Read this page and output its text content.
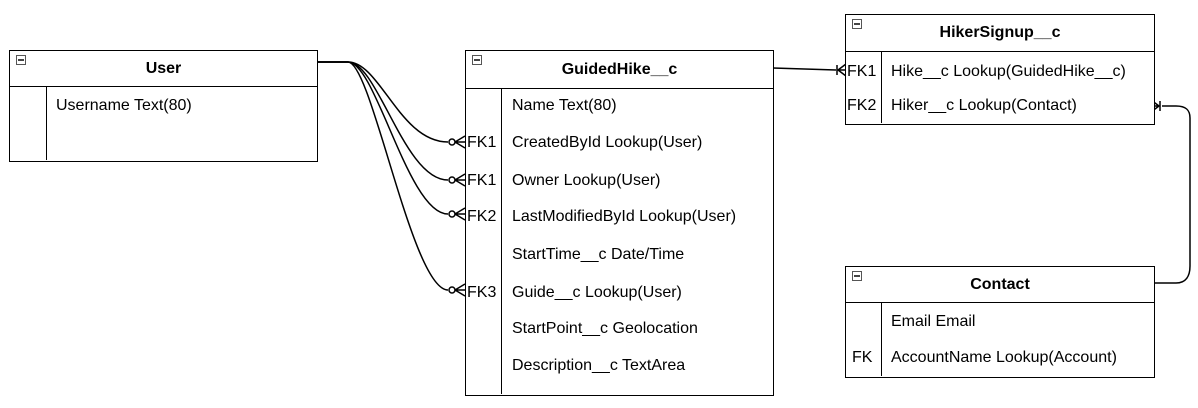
User
Username Text(80)
GuidedHike__c
Name Text(80)
FK1 CreatedById Lookup(User)
FK1 Owner Lookup(User)
FK2 LastModifiedById Lookup(User)
StartTime__c Date/Time
FK3 Guide__c Lookup(User)
StartPoint__c Geolocation
Description__c TextArea
HikerSignup__c
FK1 Hike__c Lookup(GuidedHike__c)
FK2 Hiker__c Lookup(Contact)
Contact
Email Email
FK AccountName Lookup(Account)
